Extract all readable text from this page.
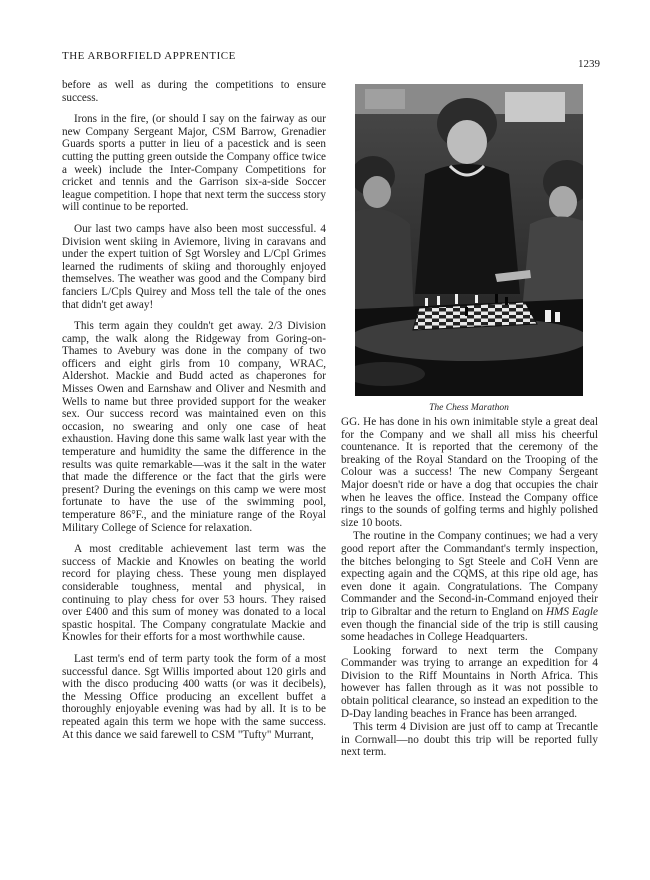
THE ARBORFIELD APPRENTICE
1239

before as well as during the competitions to ensure success.

Irons in the fire, (or should I say on the fairway as our new Company Sergeant Major, CSM Barrow, Grenadier Guards sports a putter in lieu of a pacestick and is seen cutting the putting green outside the Company office twice a week) include the Inter-Company Competitions for cricket and tennis and the Garrison six-a-side Soccer league competition. I hope that next term the success story will continue to be reported.

Our last two camps have also been most successful. 4 Division went skiing in Aviemore, living in caravans and under the expert tuition of Sgt Worsley and L/Cpl Grimes learned the rudiments of skiing and thoroughly enjoyed themselves. The weather was good and the Company bird fanciers L/Cpls Quirey and Moss tell the tale of the ones that didn't get away!

This term again they couldn't get away. 2/3 Division camp, the walk along the Ridgeway from Goring-on-Thames to Avebury was done in the company of two officers and eight girls from 10 company, WRAC, Aldershot. Mackie and Budd acted as chaperones for Misses Owen and Earnshaw and Oliver and Nesmith and Wells to name but three provided support for the weaker sex. Our success record was maintained even on this occasion, no swearing and only one case of heat exhaustion. Having done this same walk last year with the temperature and humidity the same the difference in the results was quite remarkable—was it the salt in the water that made the difference or the fact that the girls were present? During the evenings on this camp we were most fortunate to have the use of the swimming pool, temperature 86°F., and the miniature range of the Royal Military College of Science for relaxation.

A most creditable achievement last term was the success of Mackie and Knowles on beating the world record for playing chess. These young men displayed considerable toughness, mental and physical, in continuing to play chess for over 53 hours. They raised over £400 and this sum of money was donated to a local spastic hospital. The Company congratulate Mackie and Knowles for their efforts for a most worthwhile cause.

Last term's end of term party took the form of a most successful dance. Sgt Willis imported about 120 girls and with the disco producing 400 watts (or was it decibels), the Messing Office producing an excellent buffet a thoroughly enjoyable evening was had by all. It is to be repeated again this term we hope with the same success. At this dance we said farewell to CSM "Tufty" Murrant,

The Chess Marathon

GG. He has done in his own inimitable style a great deal for the Company and we shall all miss his cheerful countenance. It is reported that the ceremony of the breaking of the Royal Standard on the Trooping of the Colour was a success! The new Company Sergeant Major doesn't ride or have a dog that occupies the chair when he leaves the office. Instead the Company office rings to the sounds of golfing terms and highly polished size 10 boots.

The routine in the Company continues; we had a very good report after the Commandant's termly inspection, the bitches belonging to Sgt Steele and CoH Venn are expecting again and the CQMS, at this ripe old age, has even done it again. Congratulations. The Company Commander and the Second-in-Command enjoyed their trip to Gibraltar and the return to England on HMS Eagle even though the financial side of the trip is still causing some headaches in College Headquarters.

Looking forward to next term the Company Commander was trying to arrange an expedition for 4 Division to the Riff Mountains in North Africa. This however has fallen through as it was not possible to obtain political clearance, so instead an expedition to the D-Day landing beaches in France has been arranged.

This term 4 Division are just off to camp at Trecantle in Cornwall—no doubt this trip will be reported fully next term.
